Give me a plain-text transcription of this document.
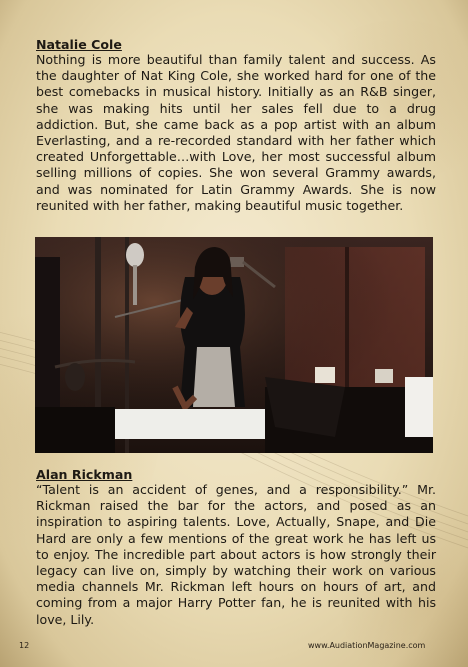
Natalie Cole

Nothing is more beautiful than family talent and success. As the daughter of Nat King Cole, she worked hard for one of the best comebacks in musical history. Initially as an R&B singer, she was making hits until her sales fell due to a drug addiction. But, she came back as a pop artist with an album Everlasting, and a re-recorded standard with her father which created Unforgettable…with Love, her most successful album selling millions of copies. She won several Grammy awards, and was nominated for Latin Grammy Awards. She is now reunited with her father, making beautiful music together.

Alan Rickman

“Talent is an accident of genes, and a responsibility.” Mr. Rickman raised the bar for the actors, and posed as an inspiration to aspiring talents. Love, Actually, Snape, and Die Hard are only a few mentions of the great work he has left us to enjoy. The incredible part about actors is how strongly their legacy can live on, simply by watching their work on various media channels Mr. Rickman left hours on hours of art, and coming from a major Harry Potter fan, he is reunited with his love, Lily.

12	www.AudiationMagazine.com
